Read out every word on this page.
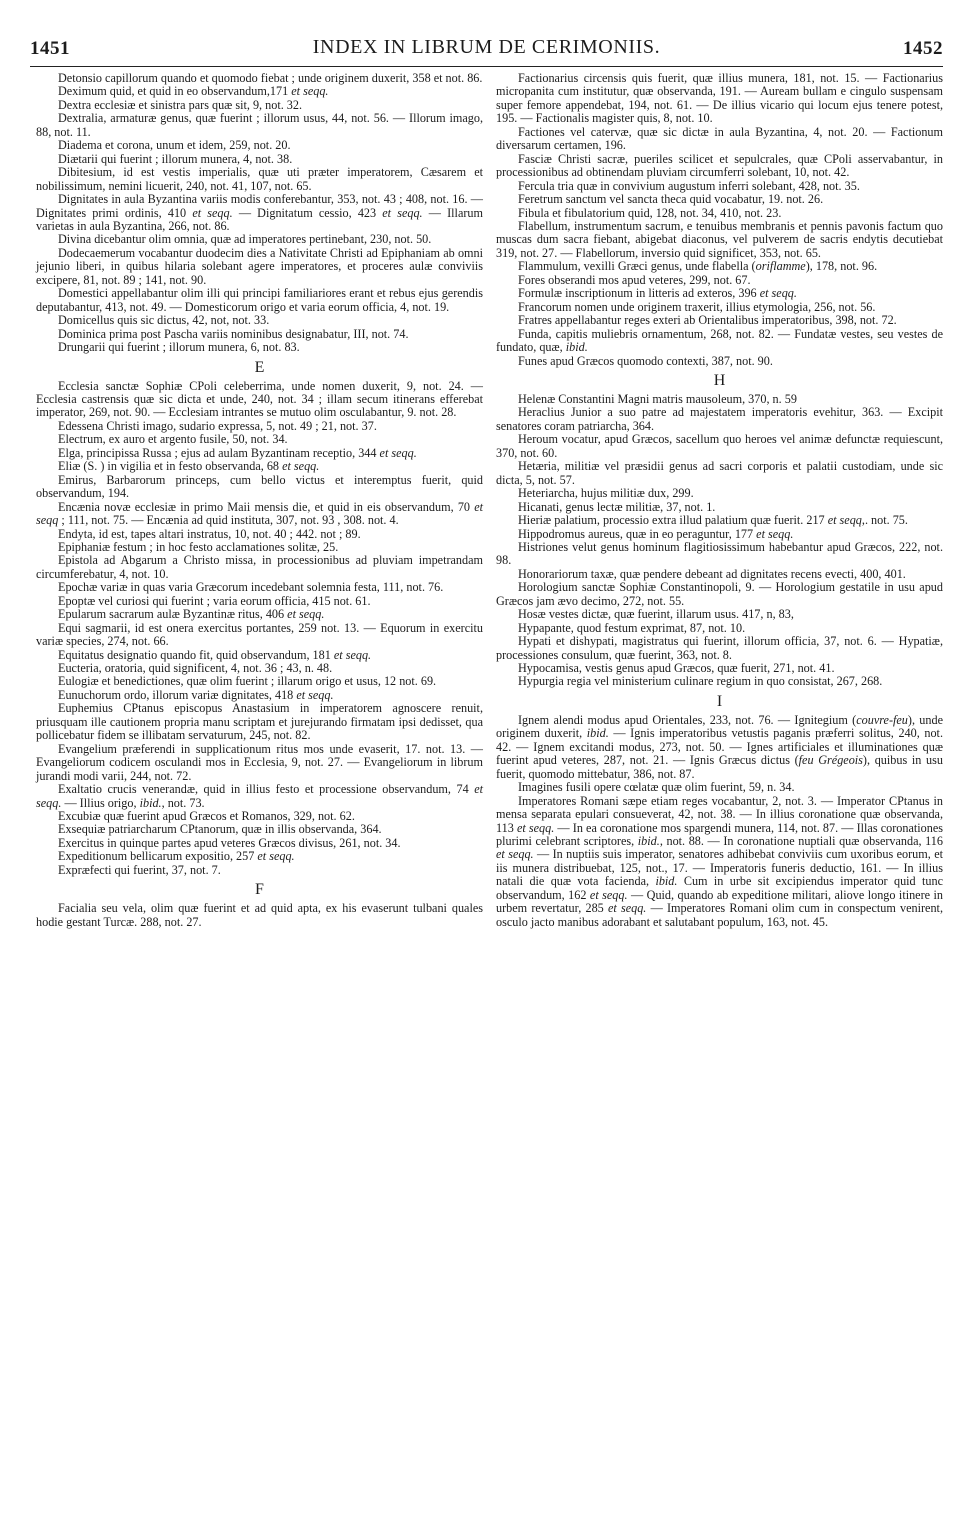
1451	INDEX IN LIBRUM DE CERIMONIIS.	1452
Detonsio capillorum quando et quomodo fiebat ; unde originem duxerit, 358 et not. 86.
Deximum quid, et quid in eo observandum,171 et seqq.
Dextra ecclesiæ et sinistra pars quæ sit, 9, not. 32.
Dextralia, armaturæ genus, quæ fuerint ; illorum usus, 44, not. 56. — Illorum imago, 88, not. 11.
Diadema et corona, unum et idem, 259, not. 20.
Diætarii qui fuerint ; illorum munera, 4, not. 38.
Dibitesium, id est vestis imperialis, quæ uti præter imperatorem, Cæsarem et nobilissimum, nemini licuerit, 240, not. 41, 107, not. 65.
Dignitates in aula Byzantina variis modis conferebantur, 353, not. 43 ; 408, not. 16. — Dignitates primi ordinis, 410 et seqq. — Dignitatum cessio, 423 et seqq. — Illarum varietas in aula Byzantina, 266, not. 86.
Divina dicebantur olim omnia, quæ ad imperatores pertinebant, 230, not. 50.
Dodecaemerum vocabantur duodecim dies a Nativitate Christi ad Epiphaniam ab omni jejunio liberi, in quibus hilaria solebant agere imperatores, et proceres aulæ conviviis excipere, 81, not. 89 ; 141, not. 90.
Domestici appellabantur olim illi qui principi familiariores erant et rebus ejus gerendis deputabantur, 413, not. 49. — Domesticorum origo et varia eorum officia, 4, not. 19.
Domicellus quis sic dictus, 42, not, not. 33.
Dominica prima post Pascha variis nominibus designabatur, III, not. 74.
Drungarii qui fuerint ; illorum munera, 6, not. 83.
E
Ecclesia sanctæ Sophiæ CPoli celeberrima, unde nomen duxerit, 9, not. 24. — Ecclesia castrensis quæ sic dicta et unde, 240, not. 34 ; illam secum itinerans efferebat imperator, 269, not. 90. — Ecclesiam intrantes se mutuo olim osculabantur, 9. not. 28.
Edessena Christi imago, sudario expressa, 5, not. 49 ; 21, not. 37.
Electrum, ex auro et argento fusile, 50, not. 34.
Elga, principissa Russa ; ejus ad aulam Byzantinam receptio, 344 et seqq.
Eliæ (S. ) in vigilia et in festo observanda, 68 et seqq.
Emirus, Barbarorum princeps, cum bello victus et interemptus fuerit, quid observandum, 194.
Encænia novæ ecclesiæ in primo Maii mensis die, et quid in eis observandum, 70 et seqq ; 111, not. 75. — Encænia ad quid instituta, 307, not. 93 , 308. not. 4.
Endyta, id est, tapes altari instratus, 10, not. 40 ; 442. not ; 89.
Epiphaniæ festum ; in hoc festo acclamationes solitæ, 25.
Epistola ad Abgarum a Christo missa, in processionibus ad pluviam impetrandam circumferebatur, 4, not. 10.
Epochæ variæ in quas varia Græcorum incedebant solemnia festa, 111, not. 76.
Epoptæ vel curiosi qui fuerint ; varia eorum officia, 415 not. 61.
Epularum sacrarum aulæ Byzantinæ ritus, 406 et seqq.
Equi sagmarii, id est onera exercitus portantes, 259 not. 13. — Equorum in exercitu variæ species, 274, not. 66.
Equitatus designatio quando fit, quid observandum, 181 et seqq.
Eucteria, oratoria, quid significent, 4, not. 36 ; 43, n. 48.
Eulogiæ et benedictiones, quæ olim fuerint ; illarum origo et usus, 12 not. 69.
Eunuchorum ordo, illorum variæ dignitates, 418 et seqq.
Euphemius CPtanus episcopus Anastasium in imperatorem agnoscere renuit, priusquam ille cautionem propria manu scriptam et jurejurando firmatam ipsi dedisset, qua pollicebatur fidem se illibatam servaturum, 245, not. 82.
Evangelium præferendi in supplicationum ritus mos unde evaserit, 17. not. 13. — Evangeliorum codicem osculandi mos in Ecclesia, 9, not. 27. — Evangeliorum in librum jurandi modi varii, 244, not. 72.
Exaltatio crucis venerandæ, quid in illius festo et processione observandum, 74 et seqq. — Illius origo, ibid., not. 73.
Excubiæ quæ fuerint apud Græcos et Romanos, 329, not. 62.
Exsequiæ patriarcharum CPtanorum, quæ in illis observanda, 364.
Exercitus in quinque partes apud veteres Græcos divisus, 261, not. 34.
Expeditionum bellicarum expositio, 257 et seqq.
Expræfecti qui fuerint, 37, not. 7.
F
Facialia seu vela, olim quæ fuerint et ad quid apta, ex his evaserunt tulbani quales hodie gestant Turcæ. 288, not. 27.
Factionarius circensis quis fuerit, quæ illius munera, 181, not. 15. — Factionarius micropanita cum institutur, quæ observanda, 191. — Auream bullam e cingulo suspensam super femore appendebat, 194, not. 61. — De illius vicario qui locum ejus tenere potest, 195. — Factionalis magister quis, 8, not. 10.
Factiones vel catervæ, quæ sic dictæ in aula Byzantina, 4, not. 20. — Factionum diversarum certamen, 196.
Fasciæ Christi sacræ, pueriles scilicet et sepulcrales, quæ CPoli asservabantur, in processionibus ad obtinendam pluviam circumferri solebant, 10, not. 42.
Fercula tria quæ in convivium augustum inferri solebant, 428, not. 35.
Feretrum sanctum vel sancta theca quid vocabatur, 19. not. 26.
Fibula et fibulatorium quid, 128, not. 34, 410, not. 23.
Flabellum, instrumentum sacrum, e tenuibus membranis et pennis pavonis factum quo muscas dum sacra fiebant, abigebat diaconus, vel pulverem de sacris endytis decutiebat 319, not. 27. — Flabellorum, inversio quid significet, 353, not. 65.
Flammulum, vexilli Græci genus, unde flabella (oriflamme), 178, not. 96.
Fores obserandi mos apud veteres, 299, not. 67.
Formulæ inscriptionum in litteris ad exteros, 396 et seqq.
Francorum nomen unde originem traxerit, illius etymologia, 256, not. 56.
Fratres appellabantur reges exteri ab Orientalibus imperatoribus, 398, not. 72.
Funda, capitis muliebris ornamentum, 268, not. 82. — Fundatæ vestes, seu vestes de fundato, quæ, ibid.
Funes apud Græcos quomodo contexti, 387, not. 90.
H
Helenæ Constantini Magni matris mausoleum, 370, n. 59
Heraclius Junior a suo patre ad majestatem imperatoris evehitur, 363. — Excipit senatores coram patriarcha, 364.
Heroum vocatur, apud Græcos, sacellum quo heroes vel animæ defunctæ requiescunt, 370, not. 60.
Hetæria, militiæ vel præsidii genus ad sacri corporis et palatii custodiam, unde sic dicta, 5, not. 57.
Heteriarcha, hujus militiæ dux, 299.
Hicanati, genus lectæ militiæ, 37, not. 1.
Hieriæ palatium, processio extra illud palatium quæ fuerit. 217 et seqq,. not. 75.
Hippodromus aureus, quæ in eo peraguntur, 177 et seqq.
Histriones velut genus hominum flagitiosissimum habebantur apud Græcos, 222, not. 98.
Honorariorum taxæ, quæ pendere debeant ad dignitates recens evecti, 400, 401.
Horologium sanctæ Sophiæ Constantinopoli, 9. — Horologium gestatile in usu apud Græcos jam ævo decimo, 272, not. 55.
Hosæ vestes dictæ, quæ fuerint, illarum usus. 417, n, 83,
Hypapante, quod festum exprimat, 87, not. 10.
Hypati et dishypati, magistratus qui fuerint, illorum officia, 37, not. 6. — Hypatiæ, processiones consulum, quæ fuerint, 363, not. 8.
Hypocamisa, vestis genus apud Græcos, quæ fuerit, 271, not. 41.
Hypurgia regia vel ministerium culinare regium in quo consistat, 267, 268.
I
Ignem alendi modus apud Orientales, 233, not. 76. — Ignitegium (couvre-feu), unde originem duxerit, ibid. — Ignis imperatoribus vetustis paganis præferri solitus, 240, not. 42. — Ignem excitandi modus, 273, not. 50. — Ignes artificiales et illuminationes quæ fuerint apud veteres, 287, not. 21. — Ignis Græcus dictus (feu Grégeois), quibus in usu fuerit, quomodo mittebatur, 386, not. 87.
Imagines fusili opere cœlatæ quæ olim fuerint, 59, n. 34.
Imperatores Romani sæpe etiam reges vocabantur, 2, not. 3. — Imperator CPtanus in mensa separata epulari consueverat, 42, not. 38. — In illius coronatione quæ observanda, 113 et seqq. — In ea coronatione mos spargendi munera, 114, not. 87. — Illas coronationes plurimi celebrant scriptores, ibid., not. 88. — In coronatione nuptiali quæ observanda, 116 et seqq. — In nuptiis suis imperator, senatores adhibebat conviviis cum uxoribus eorum, et iis munera distribuebat, 125, not., 17. — Imperatoris funeris deductio, 161. — In illius natali die quæ vota facienda, ibid. Cum in urbe sit excipiendus imperator quid tunc observandum, 162 et seqq. — Quid, quando ab expeditione militari, aliove longo itinere in urbem revertatur, 285 et seqq. — Imperatores Romani olim cum in conspectum venirent, osculo jacto manibus adorabant et salutabant populum, 163, not. 45.
